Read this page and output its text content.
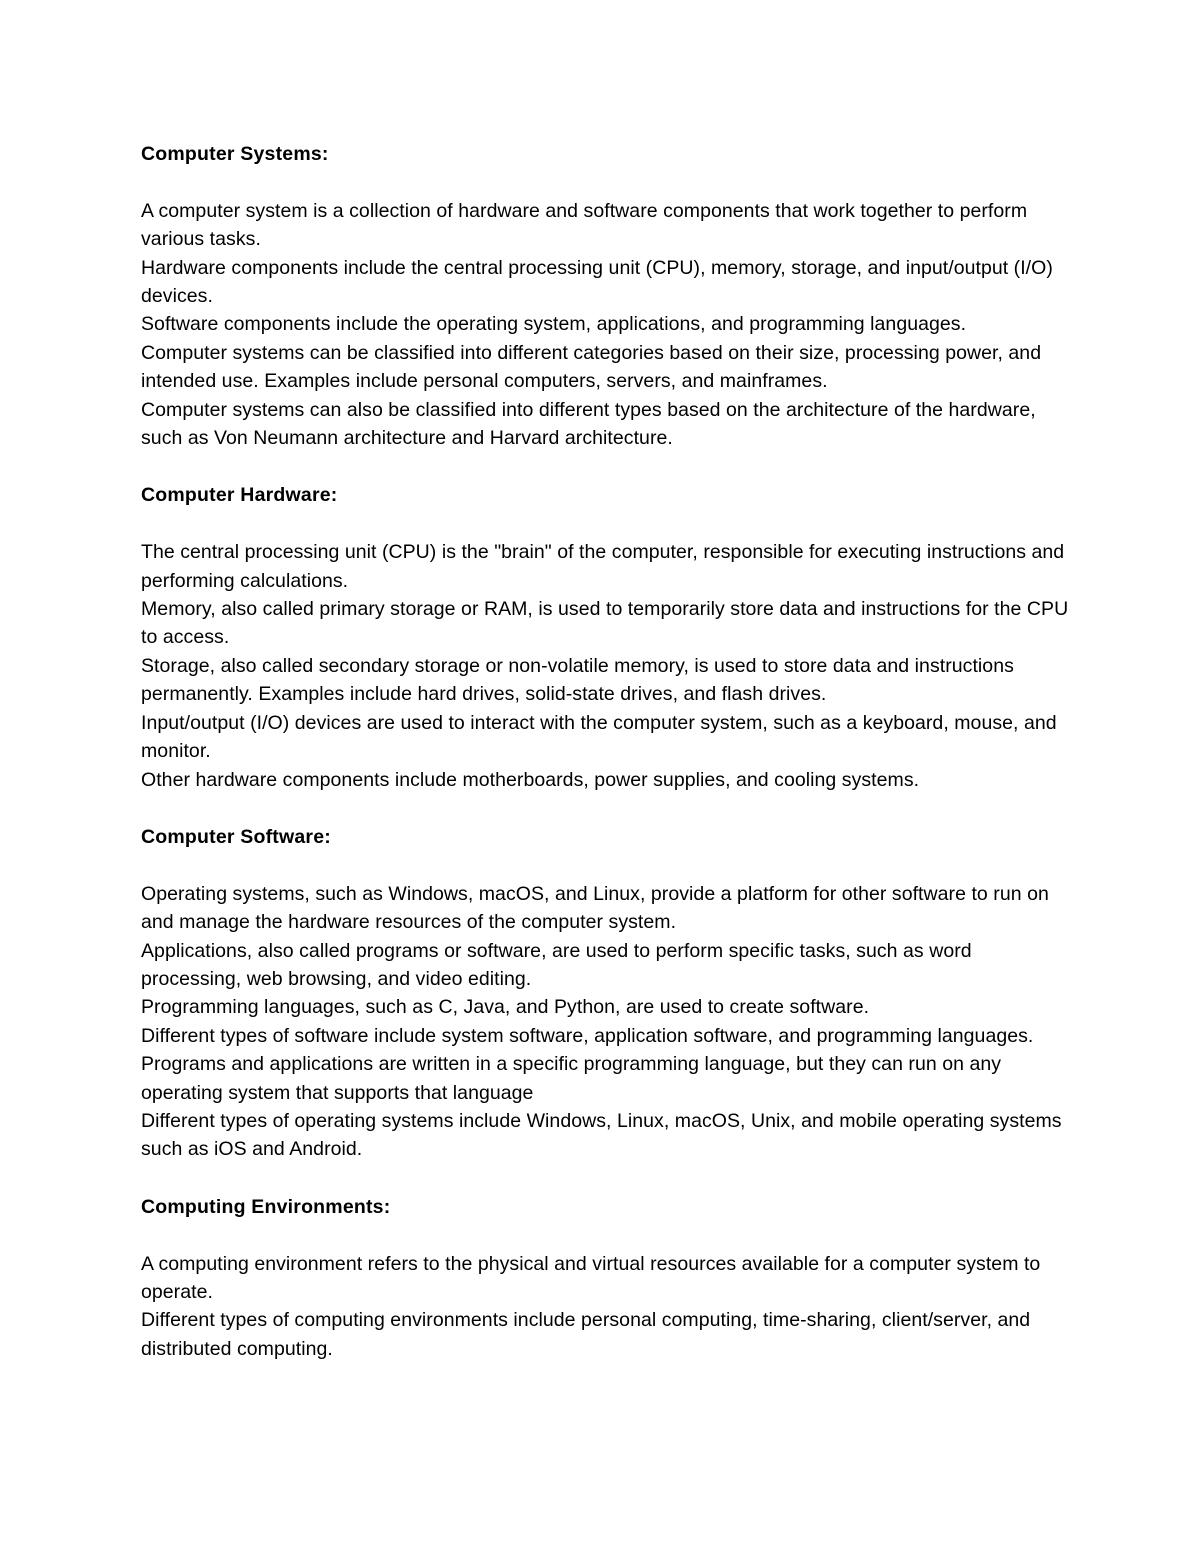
Computer Systems:

A computer system is a collection of hardware and software components that work together to perform various tasks.

Hardware components include the central processing unit (CPU), memory, storage, and input/output (I/O) devices.

Software components include the operating system, applications, and programming languages.

Computer systems can be classified into different categories based on their size, processing power, and intended use. Examples include personal computers, servers, and mainframes.

Computer systems can also be classified into different types based on the architecture of the hardware, such as Von Neumann architecture and Harvard architecture.

Computer Hardware:

The central processing unit (CPU) is the "brain" of the computer, responsible for executing instructions and performing calculations.

Memory, also called primary storage or RAM, is used to temporarily store data and instructions for the CPU to access.

Storage, also called secondary storage or non-volatile memory, is used to store data and instructions permanently. Examples include hard drives, solid-state drives, and flash drives.

Input/output (I/O) devices are used to interact with the computer system, such as a keyboard, mouse, and monitor.

Other hardware components include motherboards, power supplies, and cooling systems.

Computer Software:

Operating systems, such as Windows, macOS, and Linux, provide a platform for other software to run on and manage the hardware resources of the computer system.

Applications, also called programs or software, are used to perform specific tasks, such as word processing, web browsing, and video editing.

Programming languages, such as C, Java, and Python, are used to create software.

Different types of software include system software, application software, and programming languages.

Programs and applications are written in a specific programming language, but they can run on any operating system that supports that language

Different types of operating systems include Windows, Linux, macOS, Unix, and mobile operating systems such as iOS and Android.

Computing Environments:

A computing environment refers to the physical and virtual resources available for a computer system to operate.

Different types of computing environments include personal computing, time-sharing, client/server, and distributed computing.
